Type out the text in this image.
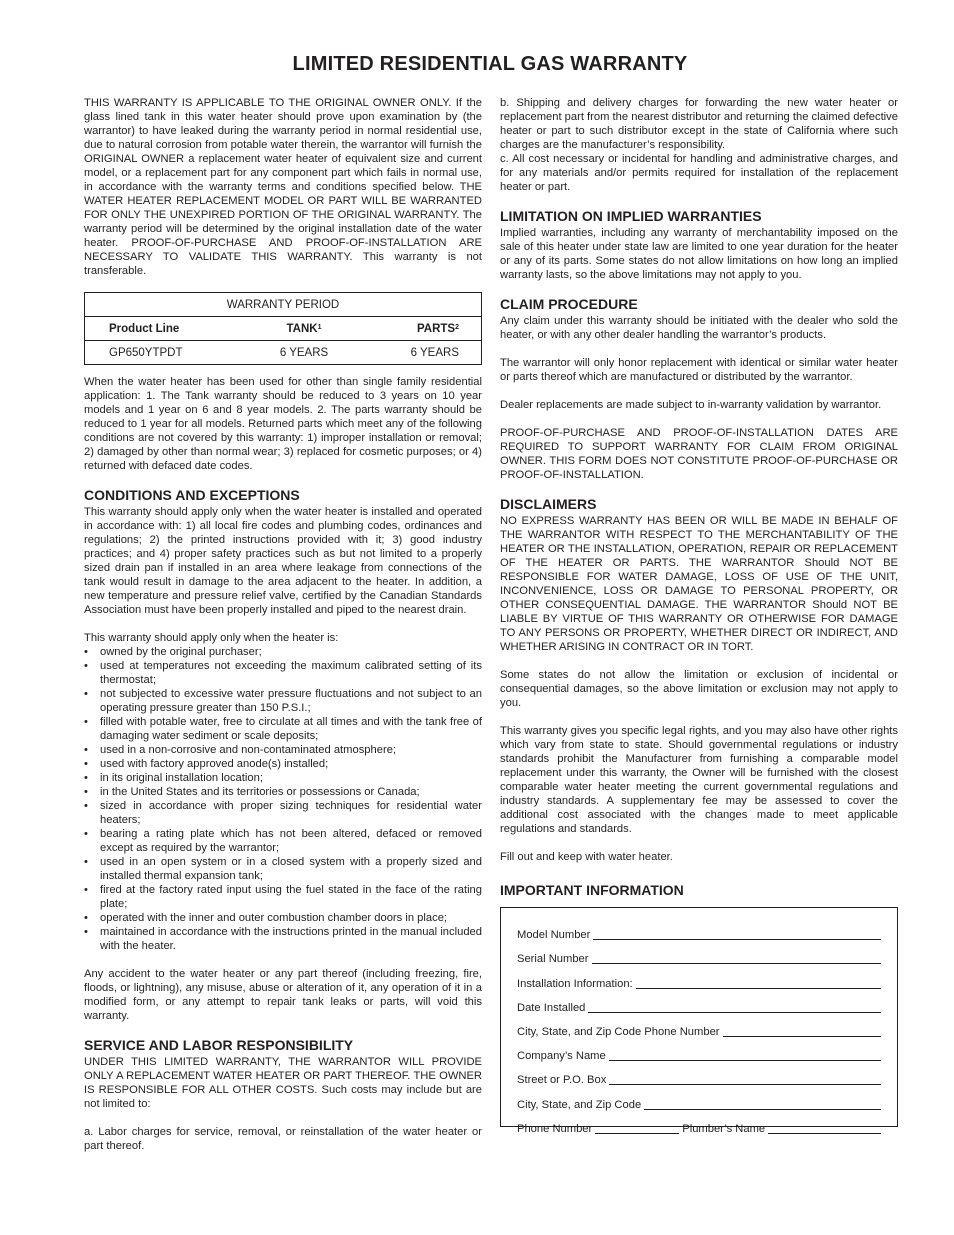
LIMITED RESIDENTIAL GAS WARRANTY

THIS WARRANTY IS APPLICABLE TO THE ORIGINAL OWNER ONLY. If the glass lined tank in this water heater should prove upon examination by (the warrantor) to have leaked during the warranty period in normal residential use, due to natural corrosion from potable water therein, the warrantor will furnish the ORIGINAL OWNER a replacement water heater of equivalent size and current model, or a replacement part for any component part which fails in normal use, in accordance with the warranty terms and conditions specified below. THE WATER HEATER REPLACEMENT MODEL OR PART WILL BE WARRANTED FOR ONLY THE UNEXPIRED PORTION OF THE ORIGINAL WARRANTY. The warranty period will be determined by the original installation date of the water heater. PROOF-OF-PURCHASE AND PROOF-OF-INSTALLATION ARE NECESSARY TO VALIDATE THIS WARRANTY. This warranty is not transferable.

WARRANTY PERIOD		
Product Line	TANK$^1$	PARTS$^2$
GP650YTPDT	6 YEARS	6 YEARS

When the water heater has been used for other than single family residential application: 1. The Tank warranty should be reduced to 3 years on 10 year models and 1 year on 6 and 8 year models. 2. The parts warranty should be reduced to 1 year for all models. Returned parts which meet any of the following conditions are not covered by this warranty: 1) improper installation or removal; 2) damaged by other than normal wear; 3) replaced for cosmetic purposes; or 4) returned with defaced date codes.

CONDITIONS AND EXCEPTIONS

This warranty should apply only when the water heater is installed and operated in accordance with: 1) all local fire codes and plumbing codes, ordinances and regulations; 2) the printed instructions provided with it; 3) good industry practices; and 4) proper safety practices such as but not limited to a properly sized drain pan if installed in an area where leakage from connections of the tank would result in damage to the area adjacent to the heater. In addition, a new temperature and pressure relief valve, certified by the Canadian Standards Association must have been properly installed and piped to the nearest drain.

This warranty should apply only when the heater is:

• owned by the original purchaser;
• used at temperatures not exceeding the maximum calibrated setting of its thermostat;
• not subjected to excessive water pressure fluctuations and not subject to an operating pressure greater than 150 P.S.I.;
• filled with potable water, free to circulate at all times and with the tank free of damaging water sediment or scale deposits;
• used in a non-corrosive and non-contaminated atmosphere;
• used with factory approved anode(s) installed;
• in its original installation location;
• in the United States and its territories or possessions or Canada;
• sized in accordance with proper sizing techniques for residential water heaters;
• bearing a rating plate which has not been altered, defaced or removed except as required by the warrantor;
• used in an open system or in a closed system with a properly sized and installed thermal expansion tank;
• fired at the factory rated input using the fuel stated in the face of the rating plate;
• operated with the inner and outer combustion chamber doors in place;
• maintained in accordance with the instructions printed in the manual included with the heater.

Any accident to the water heater or any part thereof (including freezing, fire, floods, or lightning), any misuse, abuse or alteration of it, any operation of it in a modified form, or any attempt to repair tank leaks or parts, will void this warranty.

SERVICE AND LABOR RESPONSIBILITY

UNDER THIS LIMITED WARRANTY, THE WARRANTOR WILL PROVIDE ONLY A REPLACEMENT WATER HEATER OR PART THEREOF. THE OWNER IS RESPONSIBLE FOR ALL OTHER COSTS. Such costs may include but are not limited to:

a. Labor charges for service, removal, or reinstallation of the water heater or part thereof.

b. Shipping and delivery charges for forwarding the new water heater or replacement part from the nearest distributor and returning the claimed defective heater or part to such distributor except in the state of California where such charges are the manufacturer’s responsibility.

c. All cost necessary or incidental for handling and administrative charges, and for any materials and/or permits required for installation of the replacement heater or part.

LIMITATION ON IMPLIED WARRANTIES

Implied warranties, including any warranty of merchantability imposed on the sale of this heater under state law are limited to one year duration for the heater or any of its parts. Some states do not allow limitations on how long an implied warranty lasts, so the above limitations may not apply to you.

CLAIM PROCEDURE

Any claim under this warranty should be initiated with the dealer who sold the heater, or with any other dealer handling the warrantor’s products.

The warrantor will only honor replacement with identical or similar water heater or parts thereof which are manufactured or distributed by the warrantor.

Dealer replacements are made subject to in-warranty validation by warrantor.

PROOF-OF-PURCHASE AND PROOF-OF-INSTALLATION DATES ARE REQUIRED TO SUPPORT WARRANTY FOR CLAIM FROM ORIGINAL OWNER. THIS FORM DOES NOT CONSTITUTE PROOF-OF-PURCHASE OR PROOF-OF-INSTALLATION.

DISCLAIMERS

NO EXPRESS WARRANTY HAS BEEN OR WILL BE MADE IN BEHALF OF THE WARRANTOR WITH RESPECT TO THE MERCHANTABILITY OF THE HEATER OR THE INSTALLATION, OPERATION, REPAIR OR REPLACEMENT OF THE HEATER OR PARTS. THE WARRANTOR Should NOT BE RESPONSIBLE FOR WATER DAMAGE, LOSS OF USE OF THE UNIT, INCONVENIENCE, LOSS OR DAMAGE TO PERSONAL PROPERTY, OR OTHER CONSEQUENTIAL DAMAGE. THE WARRANTOR Should NOT BE LIABLE BY VIRTUE OF THIS WARRANTY OR OTHERWISE FOR DAMAGE TO ANY PERSONS OR PROPERTY, WHETHER DIRECT OR INDIRECT, AND WHETHER ARISING IN CONTRACT OR IN TORT.

Some states do not allow the limitation or exclusion of incidental or consequential damages, so the above limitation or exclusion may not apply to you.

This warranty gives you specific legal rights, and you may also have other rights which vary from state to state. Should governmental regulations or industry standards prohibit the Manufacturer from furnishing a comparable model replacement under this warranty, the Owner will be furnished with the closest comparable water heater meeting the current governmental regulations and industry standards. A supplementary fee may be assessed to cover the additional cost associated with the changes made to meet applicable regulations and standards.

Fill out and keep with water heater.

IMPORTANT INFORMATION
Model Number
Serial Number
Installation Information:
Date Installed
City, State, and Zip Code Phone Number
Company’s Name
Street or P.O. Box
City, State, and Zip Code
Phone Number	Plumber’s Name
